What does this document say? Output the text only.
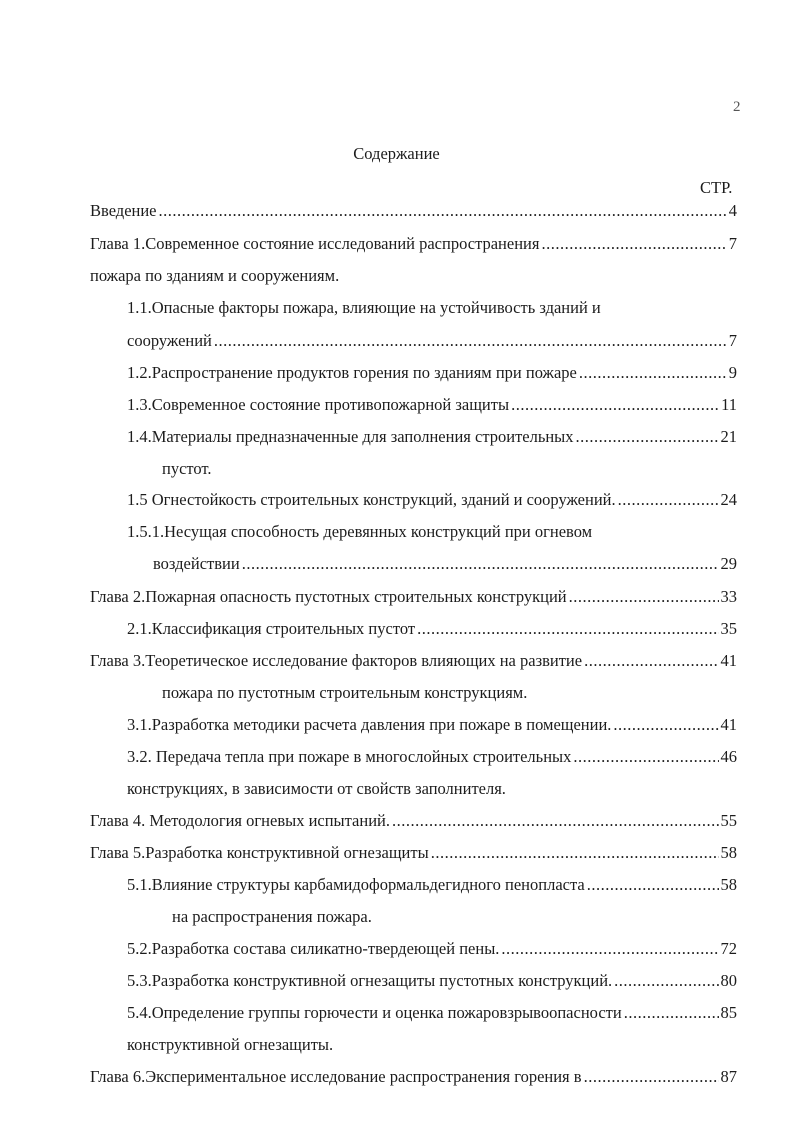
2
Содержание
СТР.
Введение .....	4
Глава 1.Современное состояние исследований распространения .....	7
пожара по зданиям и сооружениям.
1.1.Опасные факторы пожара, влияющие на устойчивость зданий и
сооружений .....	7
1.2.Распространение продуктов горения по зданиям при пожаре .....	9
1.3.Современное состояние противопожарной защиты .....	11
1.4.Материалы предназначенные для заполнения строительных .....	21
пустот.
1.5 Огнестойкость строительных конструкций, зданий и сооружений. .....	24
1.5.1.Несущая способность деревянных конструкций при огневом
воздействии .....	29
Глава 2.Пожарная опасность пустотных строительных конструкций .....	33
2.1.Классификация строительных пустот .....	35
Глава 3.Теоретическое исследование факторов влияющих на развитие .....	41
пожара по пустотным строительным конструкциям.
3.1.Разработка методики расчета давления при пожаре в помещении. .....	41
3.2. Передача тепла при пожаре в многослойных строительных .....	46
конструкциях, в зависимости от свойств заполнителя.
Глава 4. Методология огневых испытаний. .....	55
Глава 5.Разработка конструктивной огнезащиты .....	58
5.1.Влияние структуры карбамидоформальдегидного пенопласта .....	58
на распространения пожара.
5.2.Разработка состава силикатно-твердеющей пены. .....	72
5.3.Разработка конструктивной огнезащиты пустотных конструкций. .....	80
5.4.Определение группы горючести и оценка пожаровзрывоопасности .....	85
конструктивной огнезащиты.
Глава 6.Экспериментальное исследование распространения горения в .....	87
